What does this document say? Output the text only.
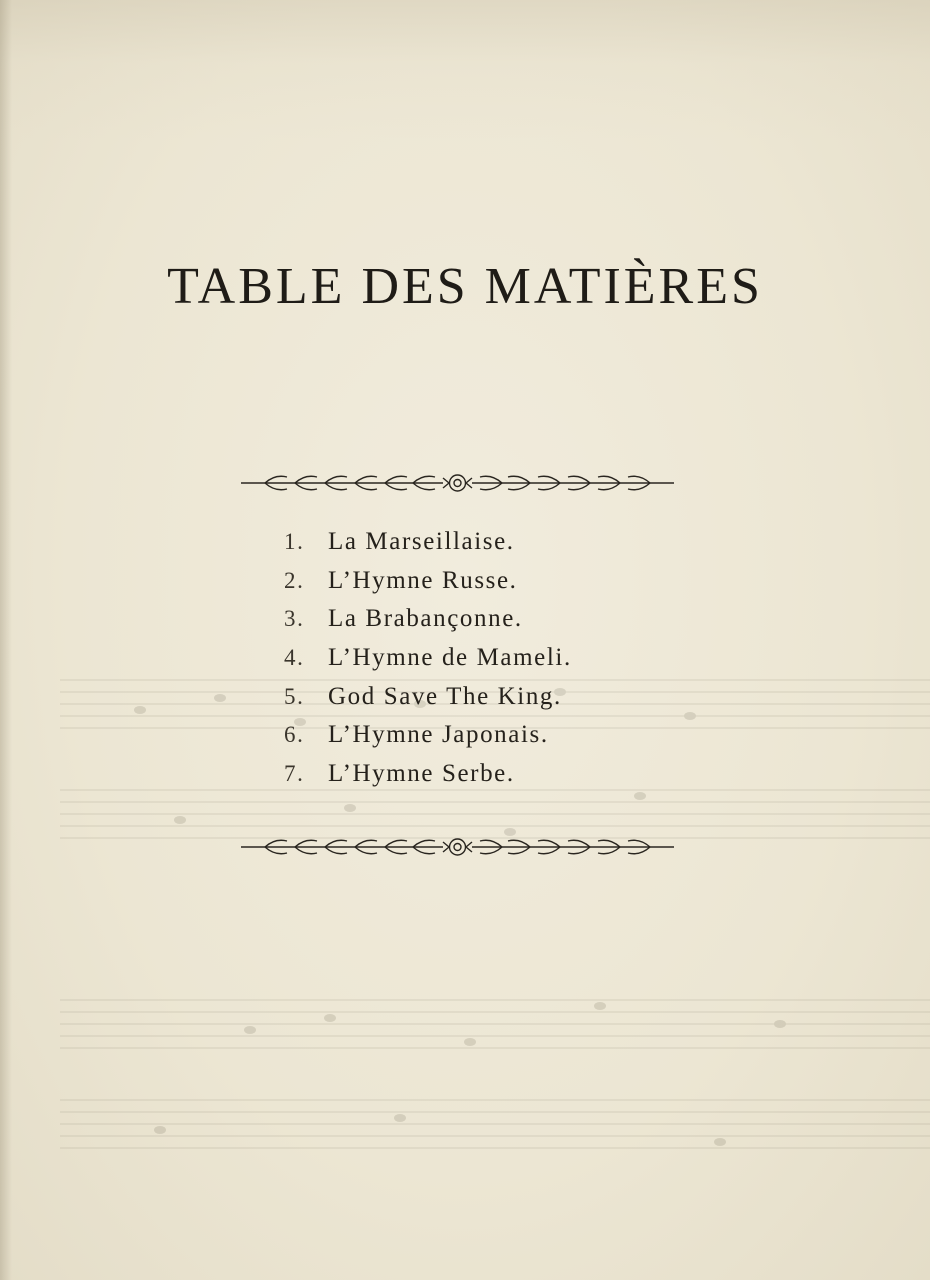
TABLE DES MATIÈRES
1. La Marseillaise.
2. L’Hymne Russe.
3. La Brabançonne.
4. L’Hymne de Mameli.
5. God Save The King.
6. L’Hymne Japonais.
7. L’Hymne Serbe.
